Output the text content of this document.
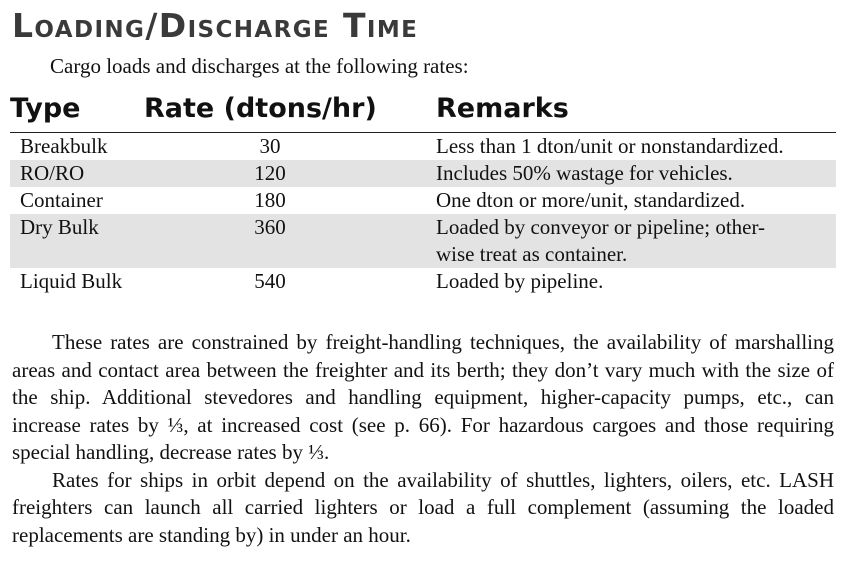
Loading/Discharge Time

Cargo loads and discharges at the following rates:

Type	Rate (dtons/hr)	Remarks
Breakbulk	30	Less than 1 dton/unit or nonstandardized.
RO/RO	120	Includes 50% wastage for vehicles.
Container	180	One dton or more/unit, standardized.
Dry Bulk	360	Loaded by conveyor or pipeline; other-
wise treat as container.
Liquid Bulk	540	Loaded by pipeline.

These rates are constrained by freight-handling techniques, the availability of marshalling areas and contact area between the freighter and its berth; they don’t vary much with the size of the ship. Additional stevedores and handling equipment, higher-capacity pumps, etc., can increase rates by ⅓, at increased cost (see p. 66). For hazardous cargoes and those requiring special handling, decrease rates by ⅓.

Rates for ships in orbit depend on the availability of shuttles, lighters, oilers, etc. LASH freighters can launch all carried lighters or load a full complement (assuming the loaded replacements are standing by) in under an hour.
